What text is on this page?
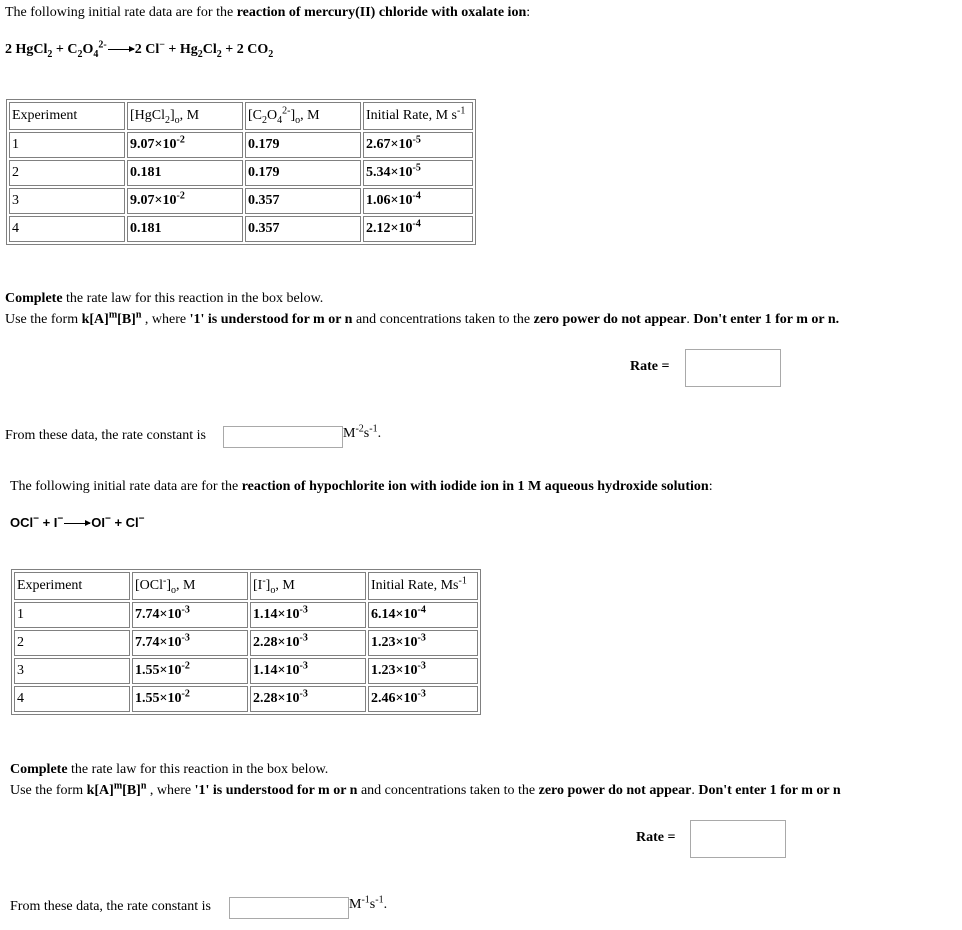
The following initial rate data are for the reaction of mercury(II) chloride with oxalate ion:
2 HgCl$_2$ + $C_2O_4^{2-}\to 2$ $Cl^- + Hg_2Cl_2 + 2$ $CO_2$
Experiment	$[HgCl_2]_o$, M	$[C_2O_4^{2-}]_o$, M	Initial Rate, M $s^{-1}$
1	$9.07\times 10^{-2}$	0.179	$2.67\times 10^{-5}$
2	0.181	0.179	$5.34\times 10^{-5}$
3	$9.07\times 10^{-2}$	0.357	$1.06\times 10^{-4}$
4	0.181	0.357	$2.12\times 10^{-4}$
Complete the rate law for this reaction in the box below.
Use the form $k[A]^m[B]^n$ , where '1' is understood for m or n and concentrations taken to the zero power do not appear. Don't enter 1 for m or n.
Rate =
From these data, the rate constant is	$M^{-2}s^{-1}$.
The following initial rate data are for the reaction of hypochlorite ion with iodide ion in 1 M aqueous hydroxide solution:
OCl− + I−→OI− + Cl−
Experiment	$[OCl^-]_o$, M	$[I^-]_o$, M	Initial Rate, $Ms^{-1}$
1	$7.74\times 10^{-3}$	$1.14\times 10^{-3}$	$6.14\times 10^{-4}$
2	$7.74\times 10^{-3}$	$2.28\times 10^{-3}$	$1.23\times 10^{-3}$
3	$1.55\times 10^{-2}$	$1.14\times 10^{-3}$	$1.23\times 10^{-3}$
4	$1.55\times 10^{-2}$	$2.28\times 10^{-3}$	$2.46\times 10^{-3}$
Complete the rate law for this reaction in the box below.
Use the form $k[A]^m[B]^n$ , where '1' is understood for m or n and concentrations taken to the zero power do not appear. Don't enter 1 for m or n
Rate =
From these data, the rate constant is	$M^{-1}s^{-1}$.
